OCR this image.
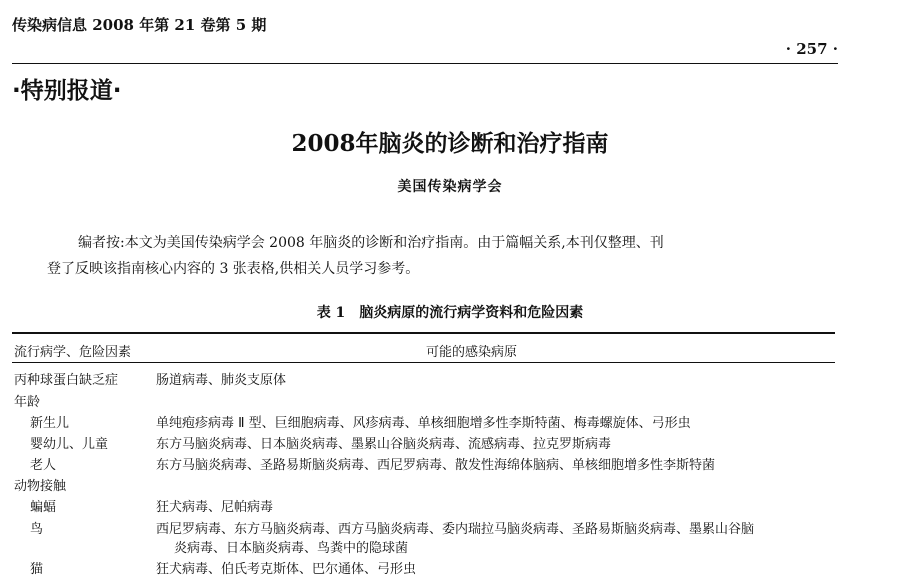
传染病信息 2008 年第 21 卷第 5 期
· 257 ·
·特别报道·
2008年脑炎的诊断和治疗指南
美国传染病学会
编者按:本文为美国传染病学会 2008 年脑炎的诊断和治疗指南。由于篇幅关系,本刊仅整理、刊
登了反映该指南核心内容的 3 张表格,供相关人员学习参考。
表 1 脑炎病原的流行病学资料和危险因素
流行病学、危险因素	可能的感染病原
丙种球蛋白缺乏症	肠道病毒、肺炎支原体
年龄
新生儿	单纯疱疹病毒 Ⅱ 型、巨细胞病毒、风疹病毒、单核细胞增多性李斯特菌、梅毒螺旋体、弓形虫
婴幼儿、儿童	东方马脑炎病毒、日本脑炎病毒、墨累山谷脑炎病毒、流感病毒、拉克罗斯病毒
老人	东方马脑炎病毒、圣路易斯脑炎病毒、西尼罗病毒、散发性海绵体脑病、单核细胞增多性李斯特菌
动物接触
蝙蝠	狂犬病毒、尼帕病毒
鸟	西尼罗病毒、东方马脑炎病毒、西方马脑炎病毒、委内瑞拉马脑炎病毒、圣路易斯脑炎病毒、墨累山谷脑
炎病毒、日本脑炎病毒、鸟粪中的隐球菌
猫	狂犬病毒、伯氏考克斯体、巴尔通体、弓形虫
